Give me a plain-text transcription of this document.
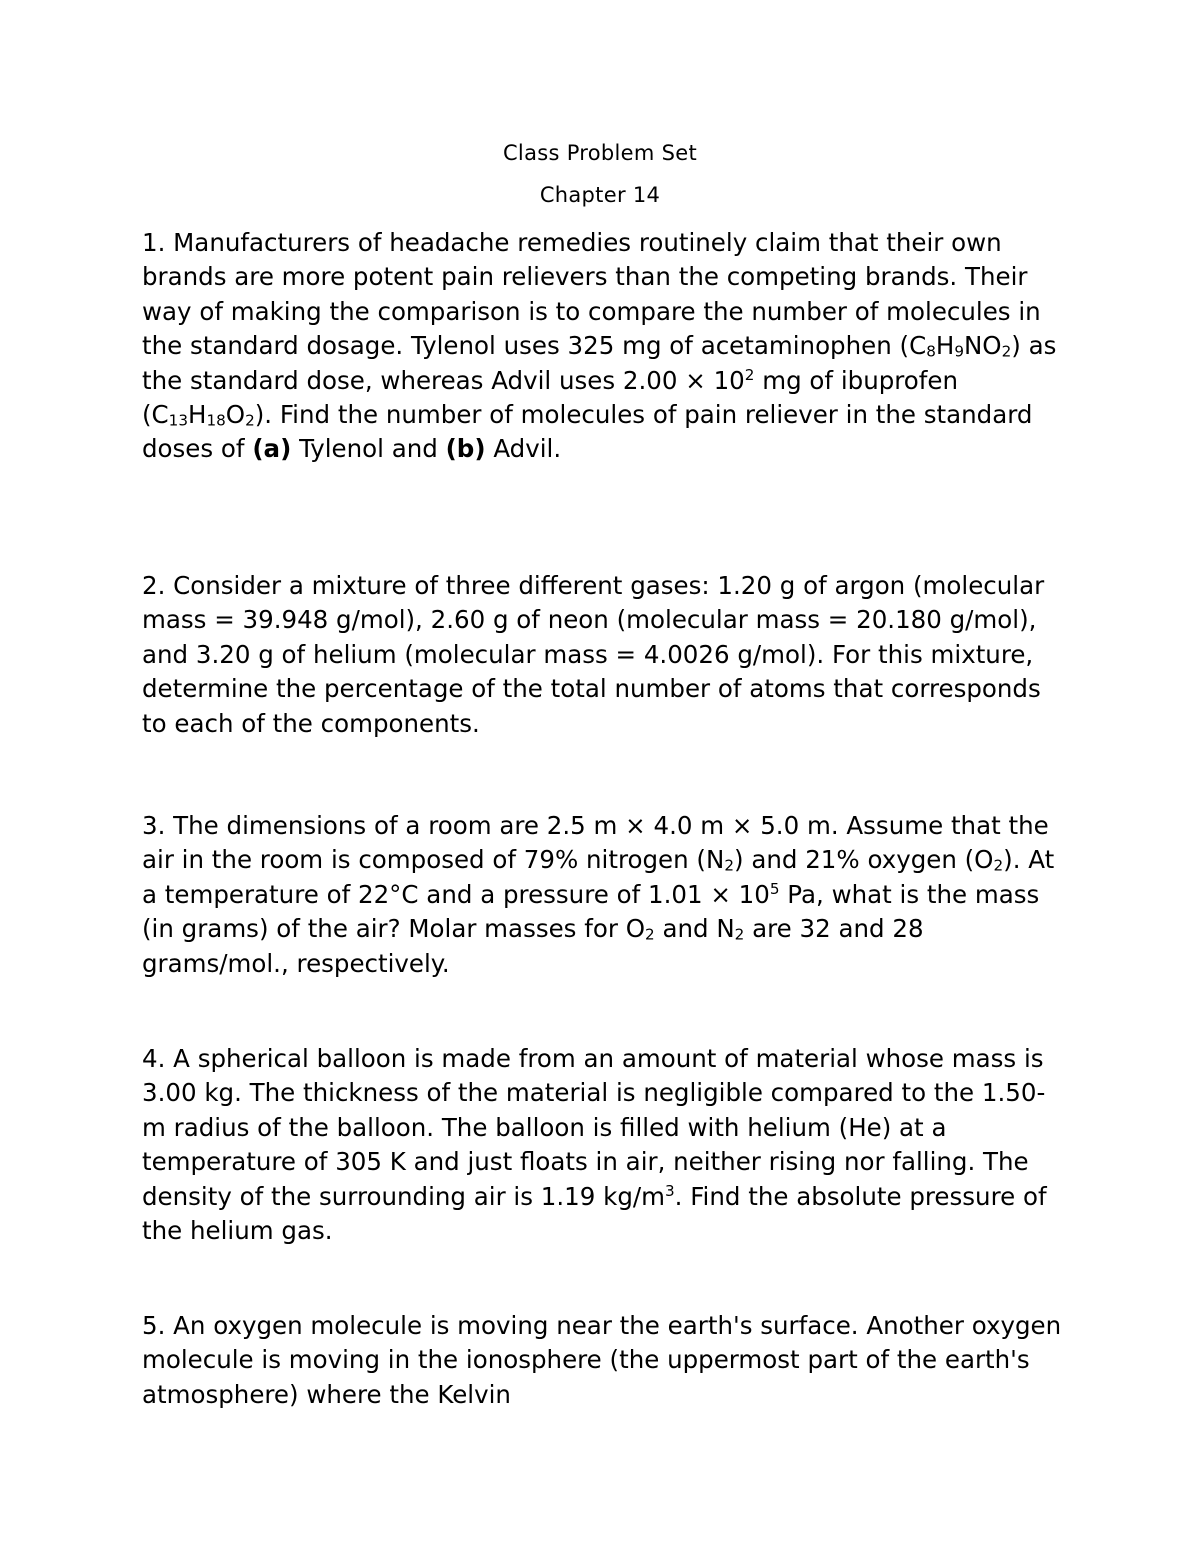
Class Problem Set
Chapter 14

1. Manufacturers of headache remedies routinely claim that their own brands are more potent pain relievers than the competing brands. Their way of making the comparison is to compare the number of molecules in the standard dosage. Tylenol uses 325 mg of acetaminophen $(C_8H_9NO_2)$ as the standard dose, whereas Advil uses $2.00 \times 10^2$ mg of ibuprofen $(C_{13}H_{18}O_2)$. Find the number of molecules of pain reliever in the standard doses of (a) Tylenol and (b) Advil.

2. Consider a mixture of three different gases: 1.20 g of argon (molecular mass = 39.948 g/mol), 2.60 g of neon (molecular mass = 20.180 g/mol), and 3.20 g of helium (molecular mass = 4.0026 g/mol). For this mixture, determine the percentage of the total number of atoms that corresponds to each of the components.

3. The dimensions of a room are 2.5 m × 4.0 m × 5.0 m. Assume that the air in the room is composed of 79% nitrogen $(N_2)$ and 21% oxygen $(O_2)$. At a temperature of 22°C and a pressure of $1.01 \times 10^5$ Pa, what is the mass (in grams) of the air? Molar masses for $O_2$ and $N_2$ are 32 and 28 grams/mol., respectively.

4. A spherical balloon is made from an amount of material whose mass is 3.00 kg. The thickness of the material is negligible compared to the 1.50-m radius of the balloon. The balloon is filled with helium (He) at a temperature of 305 K and just floats in air, neither rising nor falling. The density of the surrounding air is 1.19 $kg/m^3$. Find the absolute pressure of the helium gas.

5. An oxygen molecule is moving near the earth's surface. Another oxygen molecule is moving in the ionosphere (the uppermost part of the earth's atmosphere) where the Kelvin
